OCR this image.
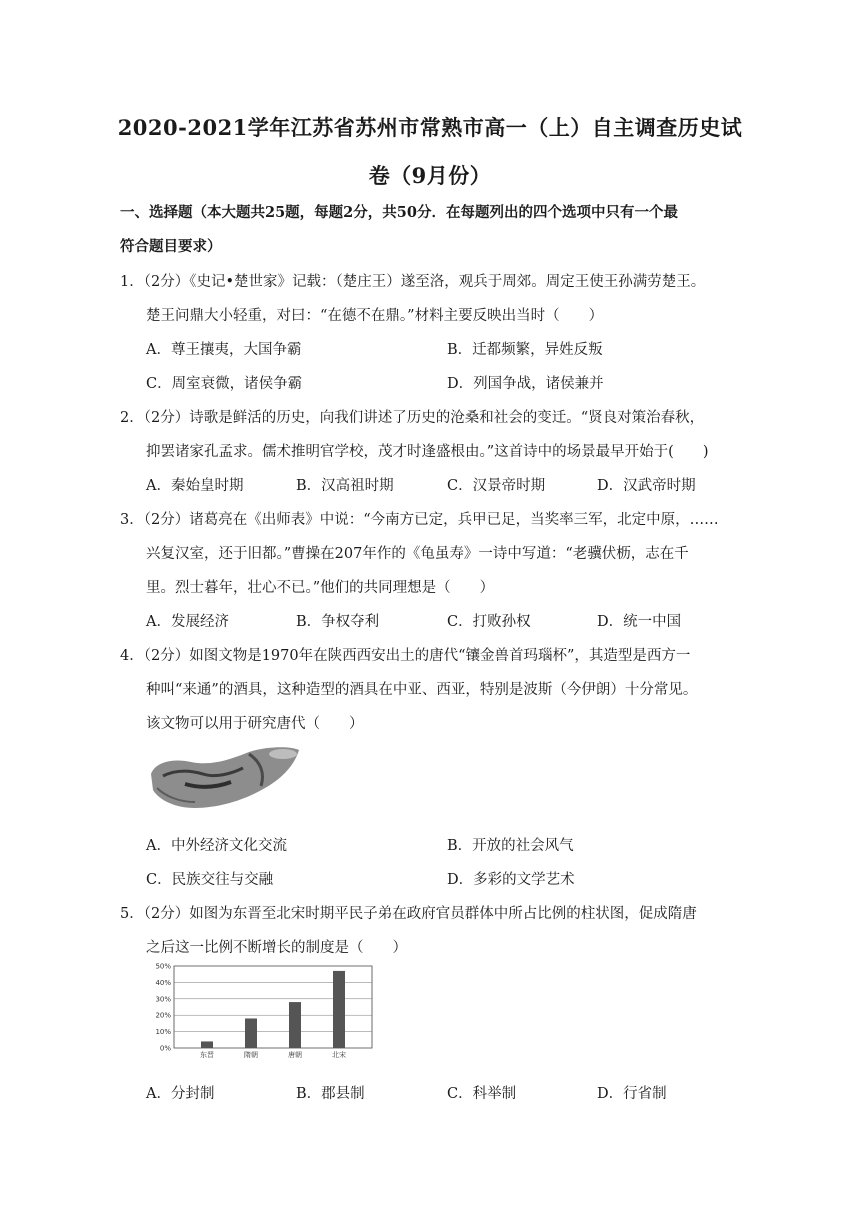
2020-2021学年江苏省苏州市常熟市高一（上）自主调查历史试
卷（9月份）
一、选择题（本大题共25题，每题2分，共50分．在每题列出的四个选项中只有一个最
符合题目要求）
1．（2分）《史记•楚世家》记载：（楚庄王）遂至洛，观兵于周郊。周定王使王孙满劳楚王。
楚王问鼎大小轻重，对曰：“在德不在鼎。”材料主要反映出当时（　　）
A．尊王攘夷，大国争霸	B．迁都频繁，异姓反叛
C．周室衰微，诸侯争霸	D．列国争战，诸侯兼并
2．（2分）诗歌是鲜活的历史，向我们讲述了历史的沧桑和社会的变迁。“贤良对策治春秋，
抑罢诸家孔孟求。儒术推明官学校，茂才时逢盛根由。”这首诗中的场景最早开始于(　　)
A．秦始皇时期	B．汉高祖时期	C．汉景帝时期	D．汉武帝时期
3．（2分）诸葛亮在《出师表》中说：“今南方已定，兵甲已足，当奖率三军，北定中原，……
兴复汉室，还于旧都。”曹操在207年作的《龟虽寿》一诗中写道：“老骥伏枥，志在千
里。烈士暮年，壮心不已。”他们的共同理想是（　　）
A．发展经济	B．争权夺利	C．打败孙权	D．统一中国
4．（2分）如图文物是1970年在陕西西安出土的唐代“镶金兽首玛瑙杯”，其造型是西方一
种叫“来通”的酒具，这种造型的酒具在中亚、西亚，特别是波斯（今伊朗）十分常见。
该文物可以用于研究唐代（　　）
A．中外经济文化交流	B．开放的社会风气
C．民族交往与交融	D．多彩的文学艺术
5．（2分）如图为东晋至北宋时期平民子弟在政府官员群体中所占比例的柱状图，促成隋唐
之后这一比例不断增长的制度是（　　）
0%
10%
20%
30%
40%
50%
东晋	隋朝	唐朝	北宋
A．分封制	B．郡县制	C．科举制	D．行省制
